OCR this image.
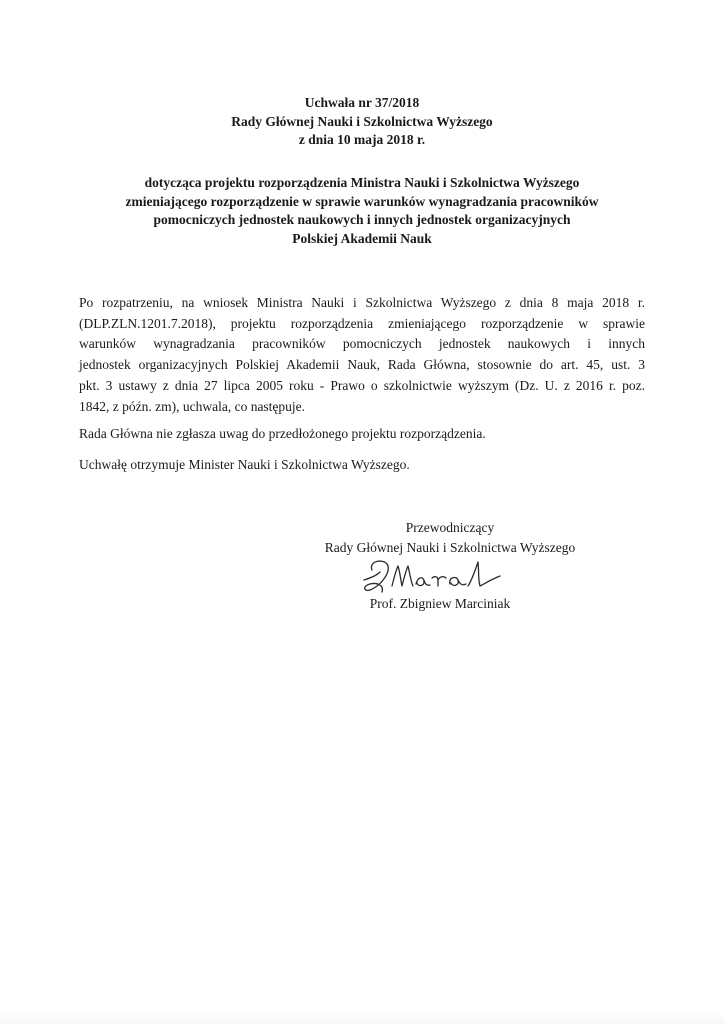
Uchwała nr 37/2018
Rady Głównej Nauki i Szkolnictwa Wyższego
z dnia 10 maja 2018 r.
dotycząca projektu rozporządzenia Ministra Nauki i Szkolnictwa Wyższego
zmieniającego rozporządzenie w sprawie warunków wynagradzania pracowników
pomocniczych jednostek naukowych i innych jednostek organizacyjnych
Polskiej Akademii Nauk
Po rozpatrzeniu, na wniosek Ministra Nauki i Szkolnictwa Wyższego z dnia 8 maja 2018 r.
(DLP.ZLN.1201.7.2018), projektu rozporządzenia zmieniającego rozporządzenie w sprawie
warunków wynagradzania pracowników pomocniczych jednostek naukowych i innych
jednostek organizacyjnych Polskiej Akademii Nauk, Rada Główna, stosownie do art. 45, ust. 3
pkt. 3 ustawy z dnia 27 lipca 2005 roku - Prawo o szkolnictwie wyższym (Dz. U. z 2016 r. poz.
1842, z późn. zm), uchwala, co następuje.
Rada Główna nie zgłasza uwag do przedłożonego projektu rozporządzenia.
Uchwałę otrzymuje Minister Nauki i Szkolnictwa Wyższego.
Przewodniczący
Rady Głównej Nauki i Szkolnictwa Wyższego
Prof. Zbigniew Marciniak
